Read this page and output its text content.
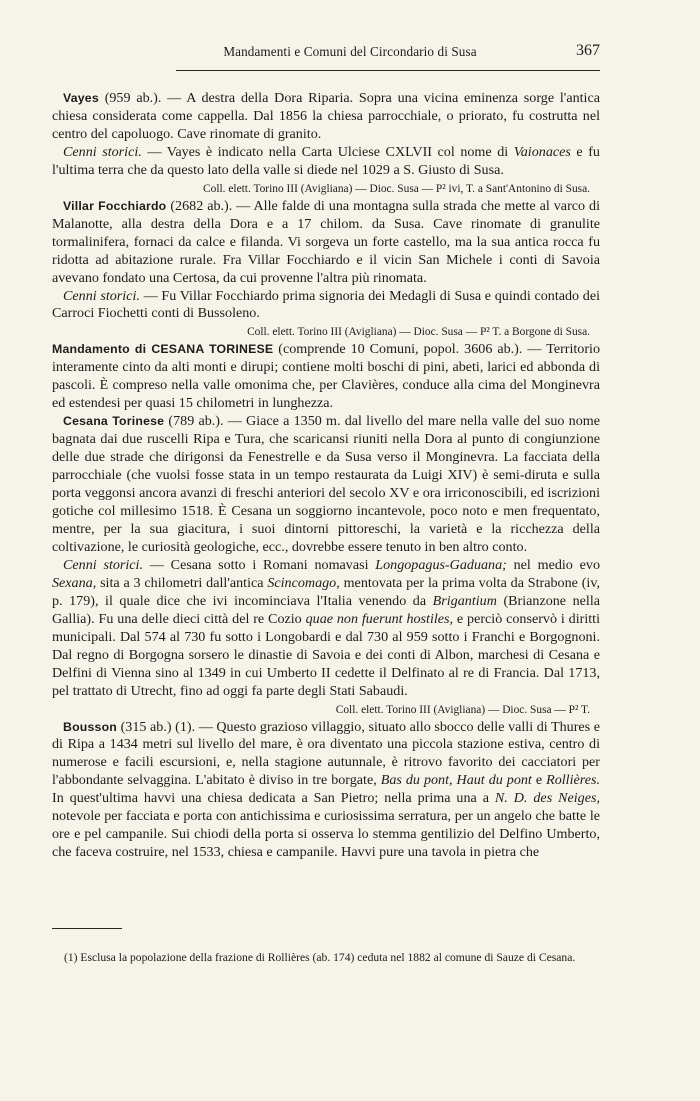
Mandamenti e Comuni del Circondario di Susa	367

Vayes (959 ab.). — A destra della Dora Riparia. Sopra una vicina eminenza sorge l'antica chiesa considerata come cappella. Dal 1856 la chiesa parrocchiale, o priorato, fu costrutta nel centro del capoluogo. Cave rinomate di granito.

Cenni storici. — Vayes è indicato nella Carta Ulciese CXLVII col nome di Vaionaces e fu l'ultima terra che da questo lato della valle si diede nel 1029 a S. Giusto di Susa.

Coll. elett. Torino III (Avigliana) — Dioc. Susa — P² ivi, T. a Sant'Antonino di Susa.

Villar Focchiardo (2682 ab.). — Alle falde di una montagna sulla strada che mette al varco di Malanotte, alla destra della Dora e a 17 chilom. da Susa. Cave rinomate di granulite tormalinifera, fornaci da calce e filanda. Vi sorgeva un forte castello, ma la sua antica rocca fu ridotta ad abitazione rurale. Fra Villar Focchiardo e il vicin San Michele i conti di Savoia avevano fondato una Certosa, da cui provenne l'altra più rinomata.

Cenni storici. — Fu Villar Focchiardo prima signoria dei Medagli di Susa e quindi contado dei Carroci Fiochetti conti di Bussoleno.

Coll. elett. Torino III (Avigliana) — Dioc. Susa — P² T. a Borgone di Susa.

Mandamento di CESANA TORINESE (comprende 10 Comuni, popol. 3606 ab.). — Territorio interamente cinto da alti monti e dirupi; contiene molti boschi di pini, abeti, larici ed abbonda di pascoli. È compreso nella valle omonima che, per Clavières, conduce alla cima del Monginevra ed estendesi per quasi 15 chilometri in lunghezza.

Cesana Torinese (789 ab.). — Giace a 1350 m. dal livello del mare nella valle del suo nome bagnata dai due ruscelli Ripa e Tura, che scaricansi riuniti nella Dora al punto di congiunzione delle due strade che dirigonsi da Fenestrelle e da Susa verso il Monginevra. La facciata della parrocchiale (che vuolsi fosse stata in un tempo restaurata da Luigi XIV) è semi-diruta e sulla porta veggonsi ancora avanzi di freschi anteriori del secolo XV e ora irriconoscibili, ed iscrizioni gotiche col millesimo 1518. È Cesana un soggiorno incantevole, poco noto e men frequentato, mentre, per la sua giacitura, i suoi dintorni pittoreschi, la varietà e la ricchezza della coltivazione, le curiosità geologiche, ecc., dovrebbe essere tenuto in ben altro conto.

Cenni storici. — Cesana sotto i Romani nomavasi Longopagus-Gaduana; nel medio evo Sexana, sita a 3 chilometri dall'antica Scincomago, mentovata per la prima volta da Strabone (iv, p. 179), il quale dice che ivi incominciava l'Italia venendo da Brigantium (Brianzone nella Gallia). Fu una delle dieci città del re Cozio quae non fuerunt hostiles, e perciò conservò i diritti municipali. Dal 574 al 730 fu sotto i Longobardi e dal 730 al 959 sotto i Franchi e Borgognoni. Dal regno di Borgogna sorsero le dinastie di Savoia e dei conti di Albon, marchesi di Cesana e Delfini di Vienna sino al 1349 in cui Umberto II cedette il Delfinato al re di Francia. Dal 1713, pel trattato di Utrecht, fino ad oggi fa parte degli Stati Sabaudi.

Coll. elett. Torino III (Avigliana) — Dioc. Susa — P² T.

Bousson (315 ab.) (1). — Questo grazioso villaggio, situato allo sbocco delle valli di Thures e di Ripa a 1434 metri sul livello del mare, è ora diventato una piccola stazione estiva, centro di numerose e facili escursioni, e, nella stagione autunnale, è ritrovo favorito dei cacciatori per l'abbondante selvaggina. L'abitato è diviso in tre borgate, Bas du pont, Haut du pont e Rollières. In quest'ultima havvi una chiesa dedicata a San Pietro; nella prima una a N. D. des Neiges, notevole per facciata e porta con antichissima e curiosissima serratura, per un angelo che batte le ore e pel campanile. Sui chiodi della porta si osserva lo stemma gentilizio del Delfino Umberto, che faceva costruire, nel 1533, chiesa e campanile. Havvi pure una tavola in pietra che

(1) Esclusa la popolazione della frazione di Rollières (ab. 174) ceduta nel 1882 al comune di Sauze di Cesana.
